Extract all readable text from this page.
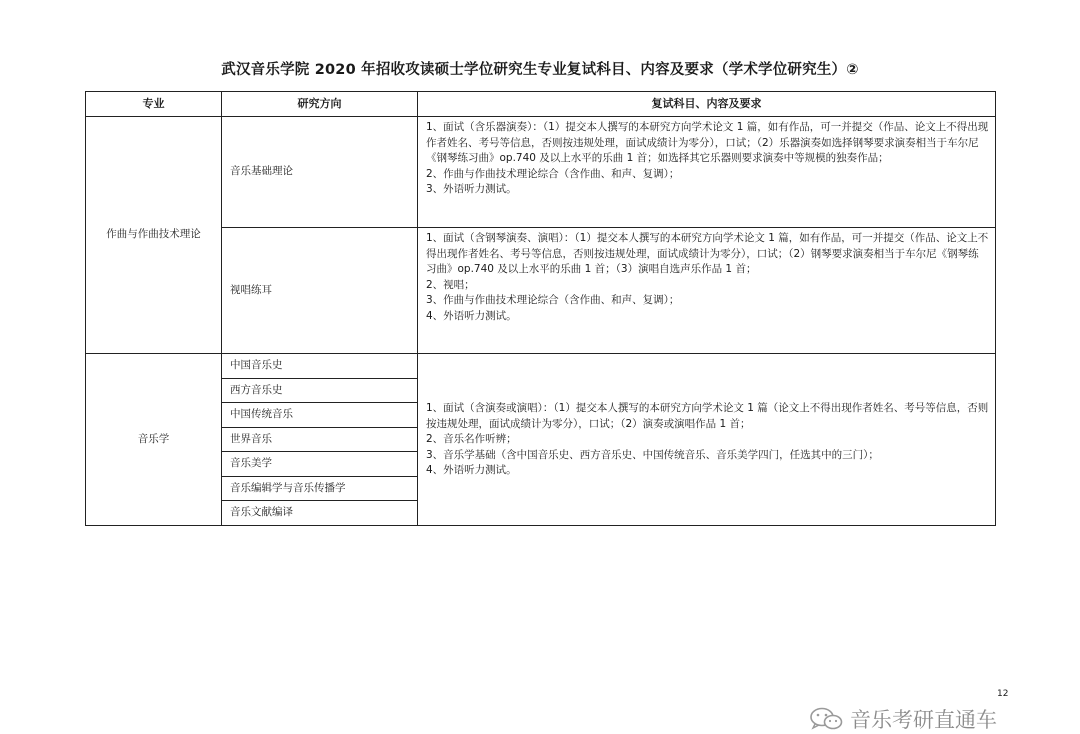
武汉音乐学院 2020 年招收攻读硕士学位研究生专业复试科目、内容及要求（学术学位研究生）②
专业	研究方向	复试科目、内容及要求
作曲与作曲技术理论	音乐基础理论	1、面试（含乐器演奏）：（1）提交本人撰写的本研究方向学术论文 1 篇，如有作品，可一并提交（作品、论文上不得出现作者姓名、考号等信息，否则按违规处理，面试成绩计为零分），口试；（2）乐器演奏如选择钢琴要求演奏相当于车尔尼《钢琴练习曲》op.740 及以上水平的乐曲 1 首；如选择其它乐器则要求演奏中等规模的独奏作品；
2、作曲与作曲技术理论综合（含作曲、和声、复调）；
3、外语听力测试。

	视唱练耳	1、面试（含钢琴演奏、演唱）：（1）提交本人撰写的本研究方向学术论文 1 篇，如有作品，可一并提交（作品、论文上不得出现作者姓名、考号等信息，否则按违规处理，面试成绩计为零分），口试；（2）钢琴要求演奏相当于车尔尼《钢琴练习曲》op.740 及以上水平的乐曲 1 首；（3）演唱自选声乐作品 1 首；
2、视唱；
3、作曲与作曲技术理论综合（含作曲、和声、复调）；
4、外语听力测试。

音乐学	中国音乐史	1、面试（含演奏或演唱）：（1）提交本人撰写的本研究方向学术论文 1 篇（论文上不得出现作者姓名、考号等信息，否则按违规处理，面试成绩计为零分），口试；（2）演奏或演唱作品 1 首；
2、音乐名作听辨；
3、音乐学基础（含中国音乐史、西方音乐史、中国传统音乐、音乐美学四门，任选其中的三门）；
4、外语听力测试。

	西方音乐史	
	中国传统音乐	
	世界音乐	
	音乐美学	
	音乐编辑学与音乐传播学	
	音乐文献编译	
12
音乐考研直通车
